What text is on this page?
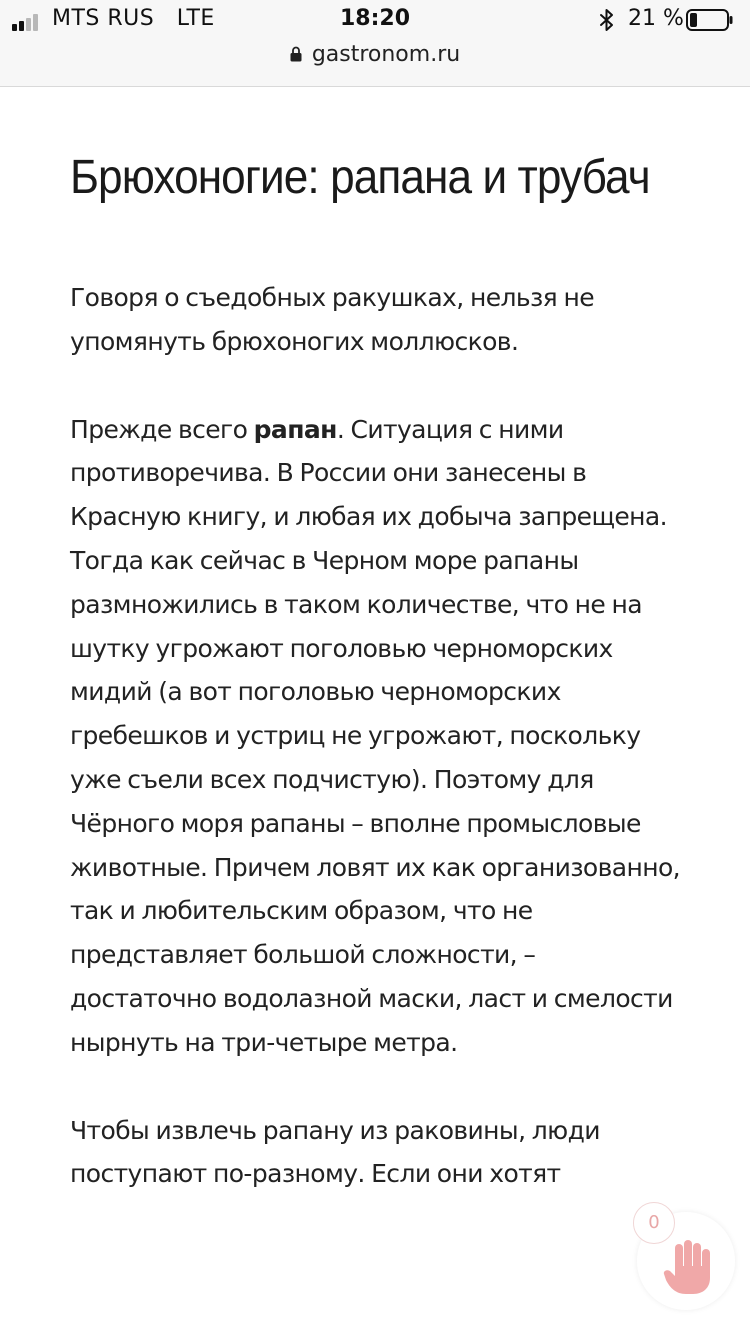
MTS RUS LTE	18:20	21 %
gastronom.ru
Брюхоногие: рапана и трубач

Говоря о съедобных ракушках, нельзя не упомянуть брюхоногих моллюсков.

Прежде всего рапан. Ситуация с ними противоречива. В России они занесены в Красную книгу, и любая их добыча запрещена. Тогда как сейчас в Черном море рапаны размножились в таком количестве, что не на шутку угрожают поголовью черноморских мидий (а вот поголовью черноморских гребешков и устриц не угрожают, поскольку уже съели всех подчистую). Поэтому для Чёрного моря рапаны – вполне промысловые животные. Причем ловят их как организованно, так и любительским образом, что не представляет большой сложности, – достаточно водолазной маски, ласт и смелости нырнуть на три-четыре метра.

Чтобы извлечь рапану из раковины, люди поступают по-разному. Если они хотят

0
